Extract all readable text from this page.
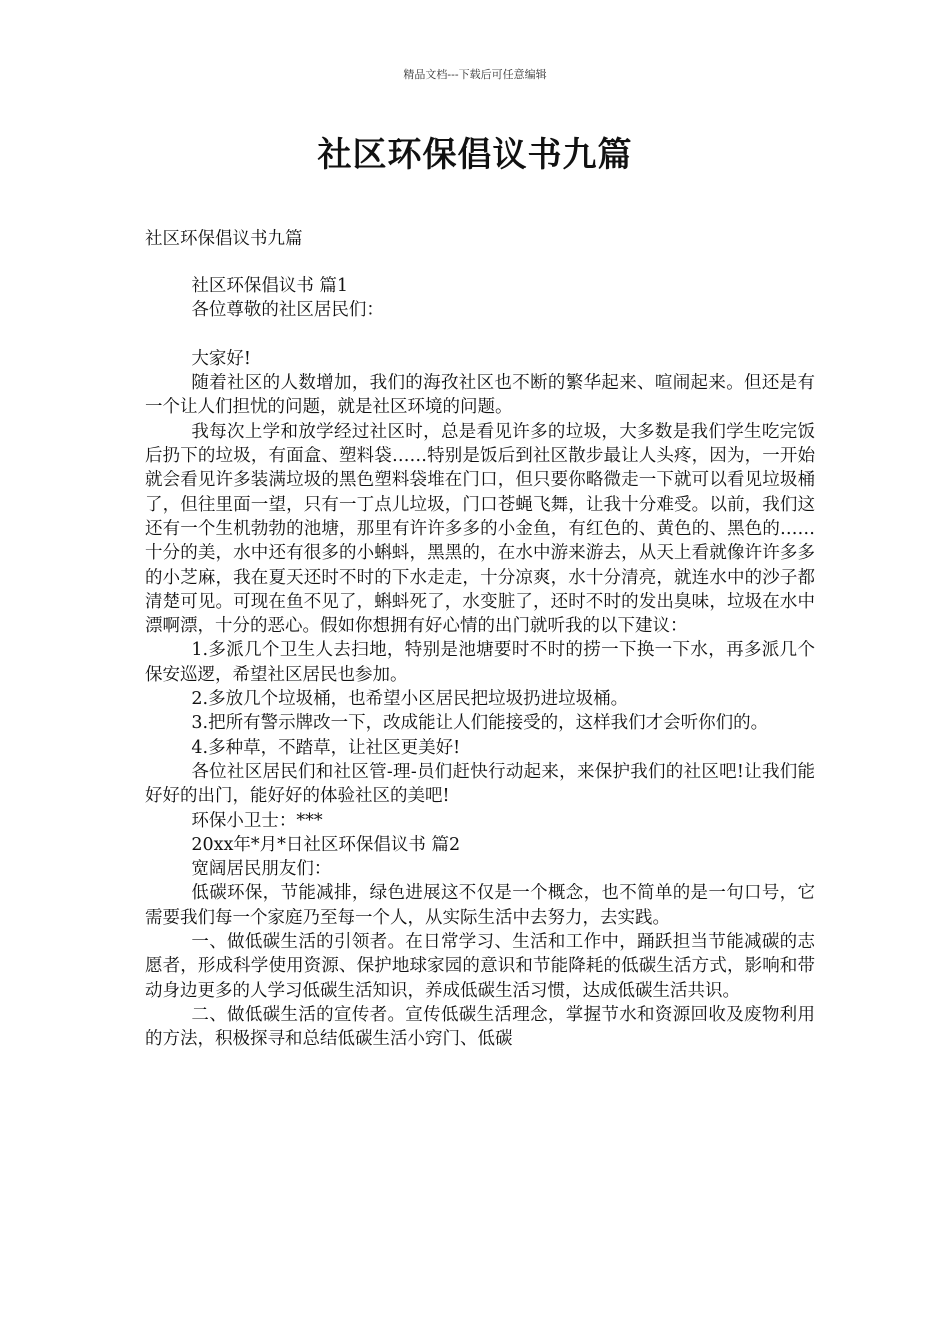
精品文档---下载后可任意编辑
社区环保倡议书九篇
社区环保倡议书九篇

社区环保倡议书 篇1

各位尊敬的社区居民们：

大家好!

随着社区的人数增加，我们的海孜社区也不断的繁华起来、喧闹起来。但还是有一个让人们担忧的问题，就是社区环境的问题。

我每次上学和放学经过社区时，总是看见许多的垃圾，大多数是我们学生吃完饭后扔下的垃圾，有面盒、塑料袋……特别是饭后到社区散步最让人头疼，因为，一开始就会看见许多装满垃圾的黑色塑料袋堆在门口，但只要你略微走一下就可以看见垃圾桶了，但往里面一望，只有一丁点儿垃圾，门口苍蝇飞舞，让我十分难受。以前，我们这还有一个生机勃勃的池塘，那里有许许多多的小金鱼，有红色的、黄色的、黑色的……十分的美，水中还有很多的小蝌蚪，黑黑的，在水中游来游去，从天上看就像许许多多的小芝麻，我在夏天还时不时的下水走走，十分凉爽，水十分清亮，就连水中的沙子都清楚可见。可现在鱼不见了，蝌蚪死了，水变脏了，还时不时的发出臭味，垃圾在水中漂啊漂，十分的恶心。假如你想拥有好心情的出门就听我的以下建议：

1.多派几个卫生人去扫地，特别是池塘要时不时的捞一下换一下水，再多派几个保安巡逻，希望社区居民也参加。

2.多放几个垃圾桶，也希望小区居民把垃圾扔进垃圾桶。

3.把所有警示牌改一下，改成能让人们能接受的，这样我们才会听你们的。

4.多种草，不踏草，让社区更美好!

各位社区居民们和社区管-理-员们赶快行动起来，来保护我们的社区吧!让我们能好好的出门，能好好的体验社区的美吧!

环保小卫士：***

20xx年*月*日社区环保倡议书 篇2

宽阔居民朋友们：

低碳环保，节能减排，绿色进展这不仅是一个概念，也不简单的是一句口号，它需要我们每一个家庭乃至每一个人，从实际生活中去努力，去实践。

一、做低碳生活的引领者。在日常学习、生活和工作中，踊跃担当节能减碳的志愿者，形成科学使用资源、保护地球家园的意识和节能降耗的低碳生活方式，影响和带动身边更多的人学习低碳生活知识，养成低碳生活习惯，达成低碳生活共识。

二、做低碳生活的宣传者。宣传低碳生活理念，掌握节水和资源回收及废物利用的方法，积极探寻和总结低碳生活小窍门、低碳
